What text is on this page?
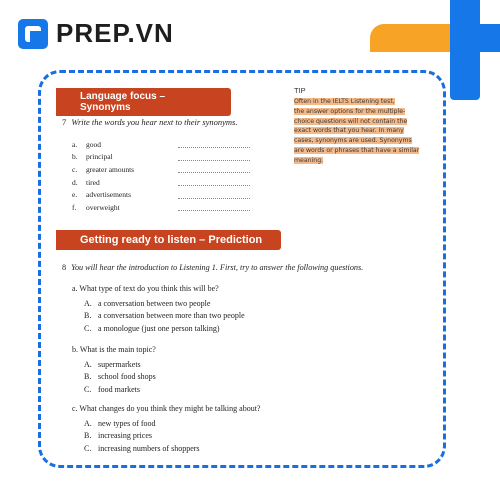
PREP.VN
Language focus – Synonyms
7 Write the words you hear next to their synonyms.
a.	good
b.	principal
c.	greater amounts
d.	tired
e.	advertisements
f.	overweight
TIP
Often in the IELTS Listening test,
the answer options for the multiple-
choice questions will not contain the
exact words that you hear. In many
cases, synonyms are used. Synonyms
are words or phrases that have a similar
meaning.
Getting ready to listen – Prediction
8 You will hear the introduction to Listening 1. First, try to answer the following questions.
a. What type of text do you think this will be?
A. a conversation between two people
B. a conversation between more than two people
C. a monologue (just one person talking)
b. What is the main topic?
A. supermarkets
B. school food shops
C. food markets
c. What changes do you think they might be talking about?
A. new types of food
B. increasing prices
C. increasing numbers of shoppers
